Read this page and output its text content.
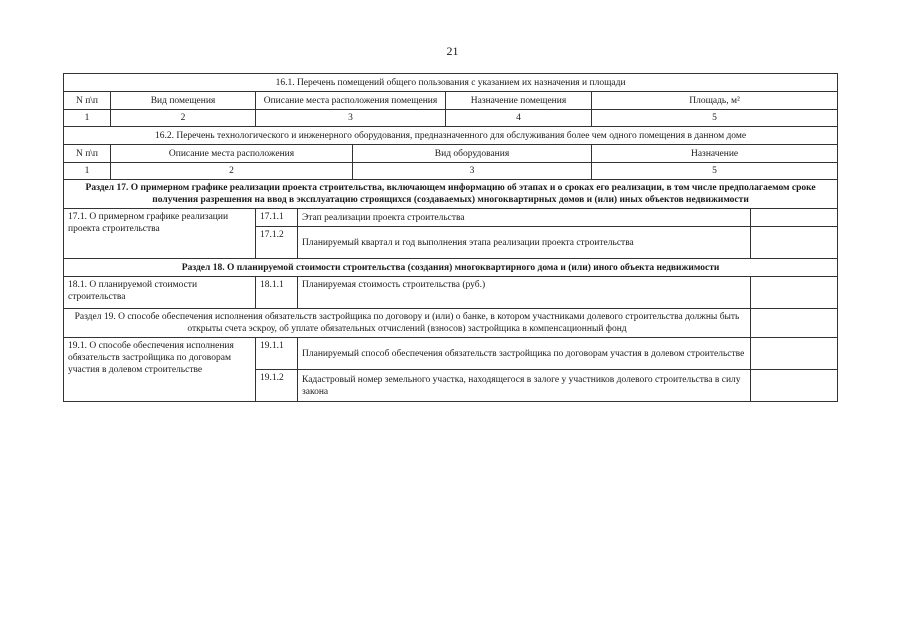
21
16.1. Перечень помещений общего пользования с указанием их назначения и площади							
N п\п	Вид помещения	Описание места расположения помещения			Назначение помещения	Площадь, м²	
1	2	3			4	5	
16.2. Перечень технологического и инженерного оборудования, предназначенного для обслуживания более чем одного помещения в данном доме							
N п\п	Описание места расположения			Вид оборудования		Назначение	
1	2			3		5	
Раздел 17. О примерном графике реализации проекта строительства, включающем информацию об этапах и о сроках его реализации, в том числе предполагаемом сроке получения разрешения на ввод в эксплуатацию строящихся (создаваемых) многоквартирных домов и (или) иных объектов недвижимости							
17.1. О примерном графике реализации проекта строительства		17.1.1	Этап реализации проекта строительства				
		17.1.2	Планируемый квартал и год выполнения этапа реализации проекта строительства				
Раздел 18. О планируемой стоимости строительства (создания) многоквартирного дома и (или) иного объекта недвижимости							
18.1. О планируемой стоимости строительства		18.1.1	Планируемая стоимость строительства (руб.)				
Раздел 19. О способе обеспечения исполнения обязательств застройщика по договору и (или) о банке, в котором участниками долевого строительства должны быть открыты счета эскроу, об уплате обязательных отчислений (взносов) застройщика в компенсационный фонд							
19.1. О способе обеспечения исполнения обязательств застройщика по договорам участия в долевом строительстве		19.1.1	Планируемый способ обеспечения обязательств застройщика по договорам участия в долевом строительстве				
		19.1.2	Кадастровый номер земельного участка, находящегося в залоге у участников долевого строительства в силу закона				
